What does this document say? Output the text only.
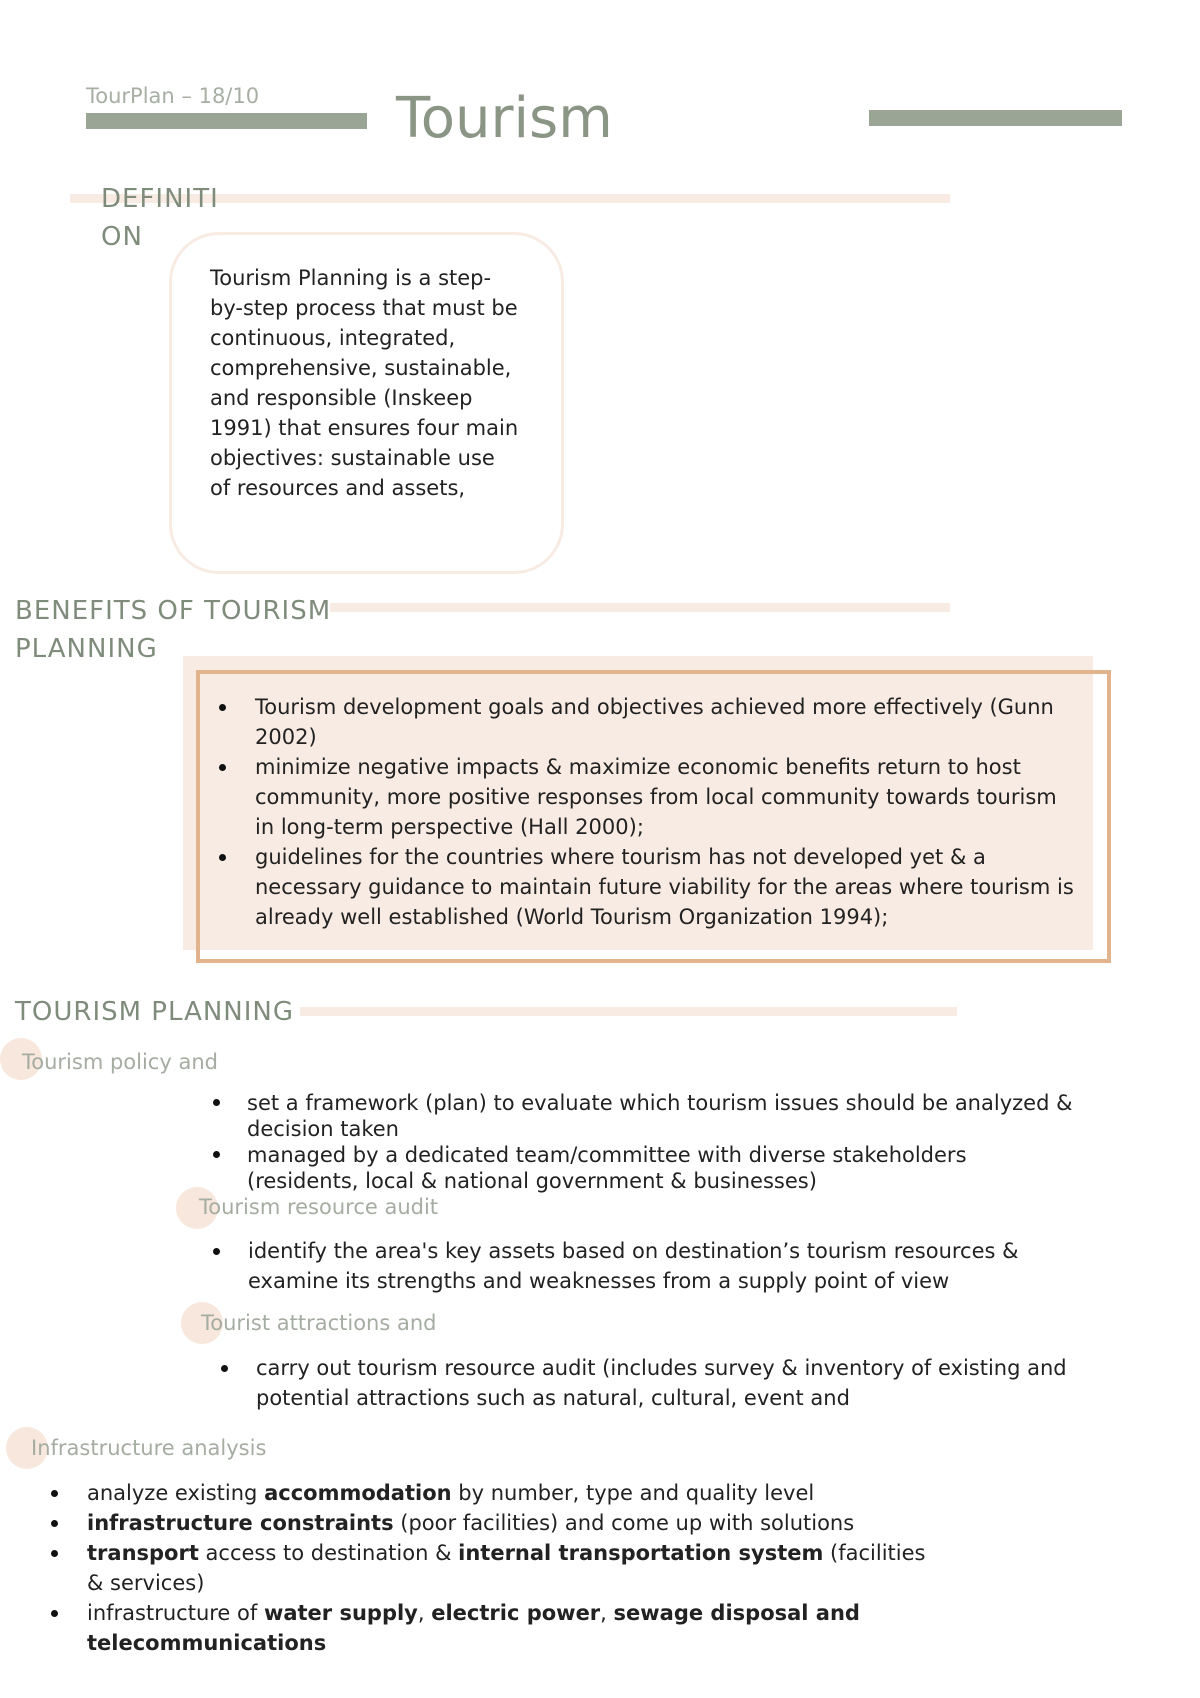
TourPlan – 18/10 Tourism
DEFINITI
ON
Tourism Planning is a step-by-step process that must be continuous, integrated, comprehensive, sustainable, and responsible (Inskeep 1991) that ensures four main objectives: sustainable use of resources and assets,
BENEFITS OF TOURISM
PLANNING
Tourism development goals and objectives achieved more effectively (Gunn 2002)
minimize negative impacts & maximize economic benefits return to host community, more positive responses from local community towards tourism in long-term perspective (Hall 2000);
guidelines for the countries where tourism has not developed yet & a necessary guidance to maintain future viability for the areas where tourism is already well established (World Tourism Organization 1994);
TOURISM PLANNING
Tourism policy and
set a framework (plan) to evaluate which tourism issues should be analyzed & decision taken
managed by a dedicated team/committee with diverse stakeholders (residents, local & national government & businesses)
Tourism resource audit
identify the area's key assets based on destination’s tourism resources & examine its strengths and weaknesses from a supply point of view
Tourist attractions and
carry out tourism resource audit (includes survey & inventory of existing and potential attractions such as natural, cultural, event and
Infrastructure analysis
analyze existing accommodation by number, type and quality level
infrastructure constraints (poor facilities) and come up with solutions
transport access to destination & internal transportation system (facilities & services)
infrastructure of water supply, electric power, sewage disposal and telecommunications
